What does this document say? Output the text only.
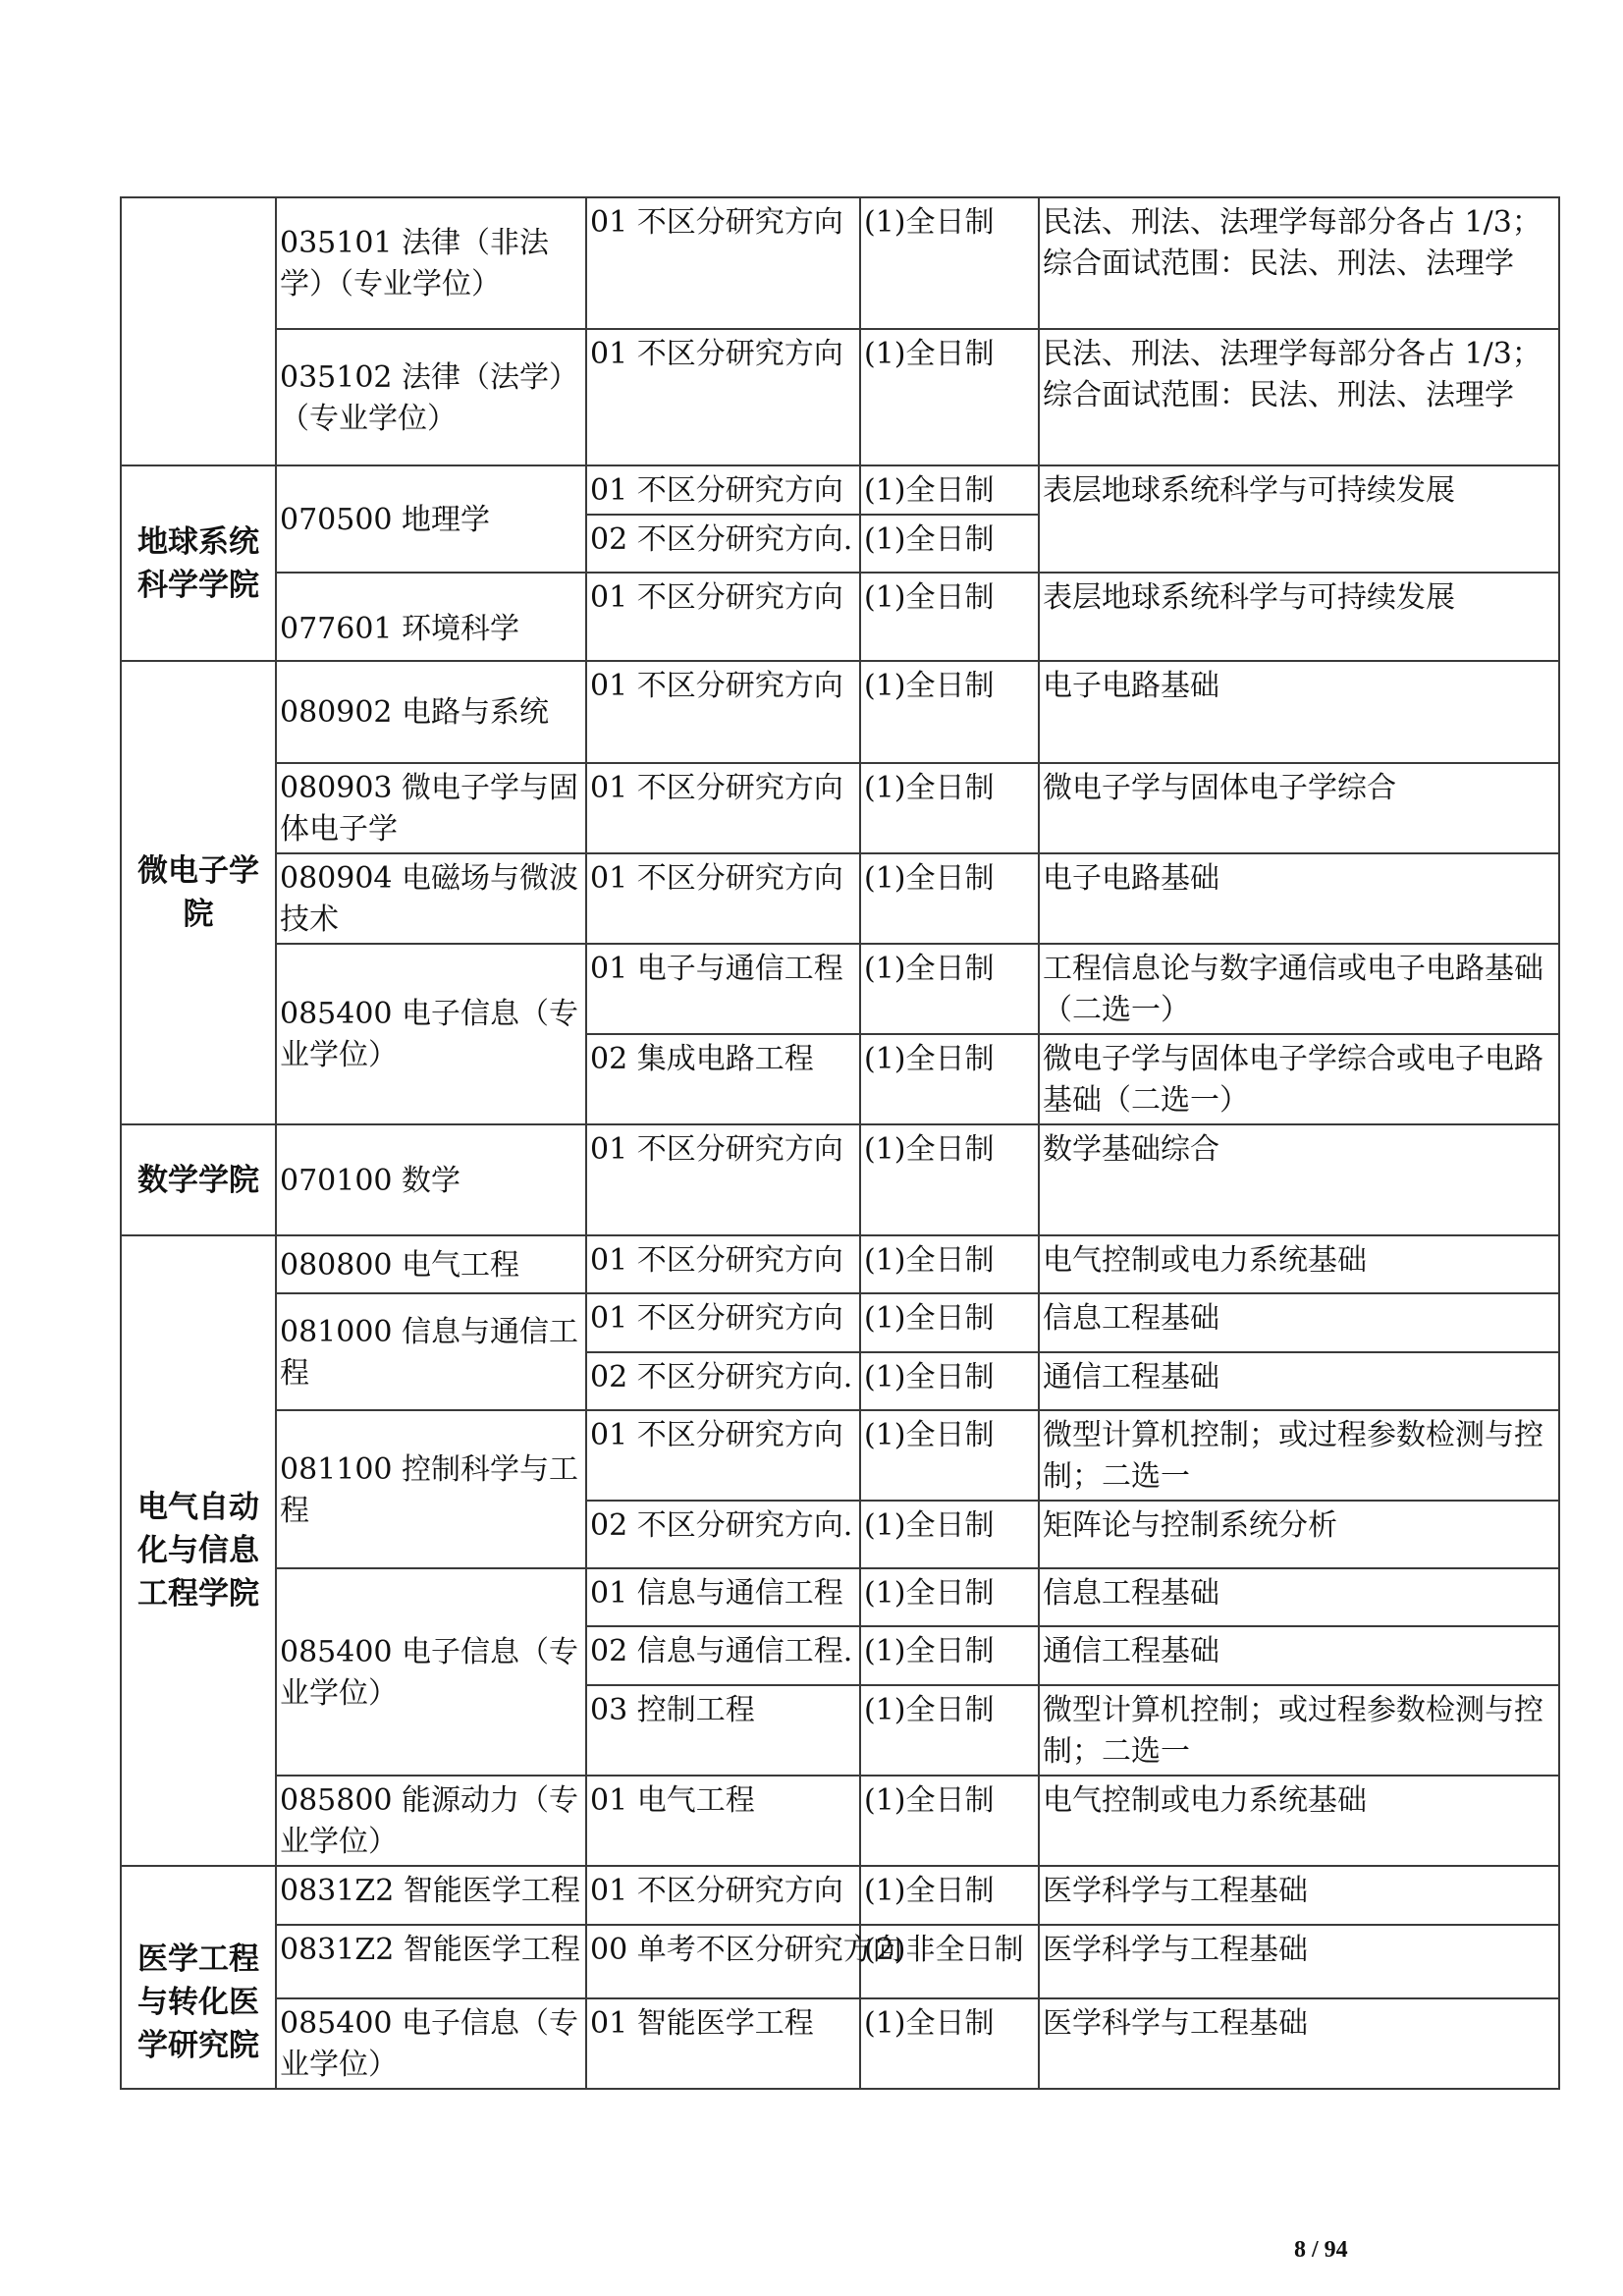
	035101 法律（非法学）（专业学位）	01 不区分研究方向	(1)全日制	民法、刑法、法理学每部分各占 1/3；综合面试范围：民法、刑法、法理学
	035102 法律（法学）（专业学位）	01 不区分研究方向	(1)全日制	民法、刑法、法理学每部分各占 1/3；综合面试范围：民法、刑法、法理学
地球系统科学学院	070500 地理学	01 不区分研究方向	(1)全日制	表层地球系统科学与可持续发展
		02 不区分研究方向.	(1)全日制	
	077601 环境科学	01 不区分研究方向	(1)全日制	表层地球系统科学与可持续发展
微电子学院	080902 电路与系统	01 不区分研究方向	(1)全日制	电子电路基础
	080903 微电子学与固体电子学	01 不区分研究方向	(1)全日制	微电子学与固体电子学综合
	080904 电磁场与微波技术	01 不区分研究方向	(1)全日制	电子电路基础
	085400 电子信息（专业学位）	01 电子与通信工程	(1)全日制	工程信息论与数字通信或电子电路基础（二选一）
		02 集成电路工程	(1)全日制	微电子学与固体电子学综合或电子电路基础（二选一）
数学学院	070100 数学	01 不区分研究方向	(1)全日制	数学基础综合
电气自动化与信息工程学院	080800 电气工程	01 不区分研究方向	(1)全日制	电气控制或电力系统基础
	081000 信息与通信工程	01 不区分研究方向	(1)全日制	信息工程基础
		02 不区分研究方向.	(1)全日制	通信工程基础
	081100 控制科学与工程	01 不区分研究方向	(1)全日制	微型计算机控制；或过程参数检测与控制；二选一
		02 不区分研究方向.	(1)全日制	矩阵论与控制系统分析
	085400 电子信息（专业学位）	01 信息与通信工程	(1)全日制	信息工程基础
		02 信息与通信工程.	(1)全日制	通信工程基础
		03 控制工程	(1)全日制	微型计算机控制；或过程参数检测与控制；二选一
	085800 能源动力（专业学位）	01 电气工程	(1)全日制	电气控制或电力系统基础
医学工程与转化医学研究院	0831Z2 智能医学工程	01 不区分研究方向	(1)全日制	医学科学与工程基础
	0831Z2 智能医学工程	00 单考不区分研究方向	(2)非全日制	医学科学与工程基础
	085400 电子信息（专业学位）	01 智能医学工程	(1)全日制	医学科学与工程基础
8 / 94
